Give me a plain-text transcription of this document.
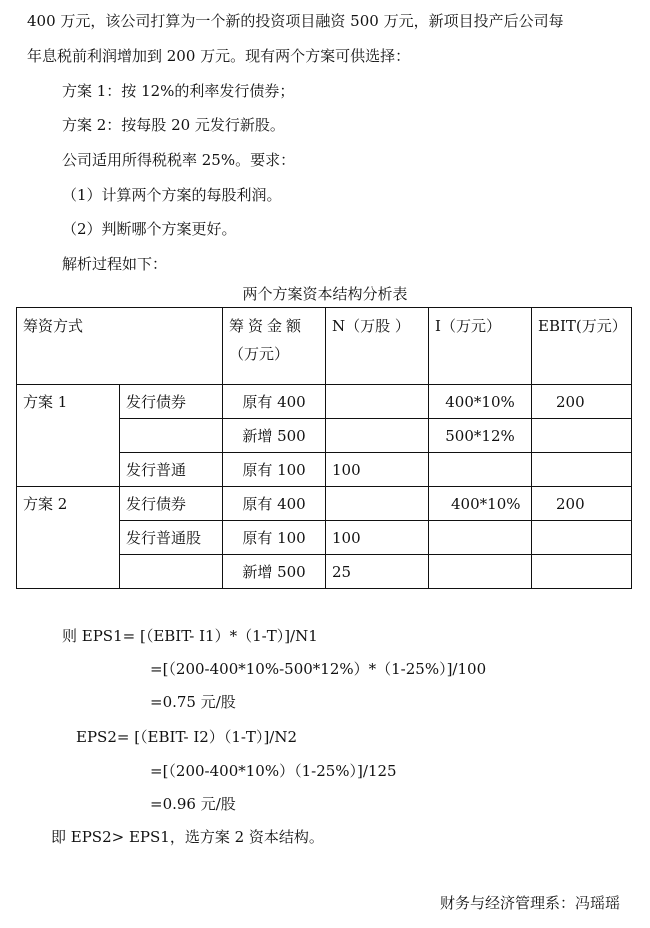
400 万元，该公司打算为一个新的投资项目融资 500 万元，新项目投产后公司每
年息税前利润增加到 200 万元。现有两个方案可供选择：
方案 1：按 12%的利率发行债券；
方案 2：按每股 20 元发行新股。
公司适用所得税税率 25%。要求：
（1）计算两个方案的每股利润。
（2）判断哪个方案更好。
解析过程如下：
两个方案资本结构分析表
筹资方式		筹资金额
（万元）	N（万股 ）	I（万元）	EBIT(万元）
方案 1	发行债券	原有 400		400*10%	200
		新增 500		500*12%	
	发行普通	原有 100	100		
方案 2	发行债券	原有 400		400*10%	200
	发行普通股	原有 100	100		
		新增 500	25		
则 EPS1= [（EBIT- I1）*（1-T）]/N1
=[（200-400*10%-500*12%）*（1-25%）]/100
=0.75 元/股
EPS2= [（EBIT- I2）（1-T）]/N2
=[（200-400*10%）（1-25%）]/125
=0.96 元/股
即 EPS2> EPS1，选方案 2 资本结构。
财务与经济管理系：冯瑶瑶
